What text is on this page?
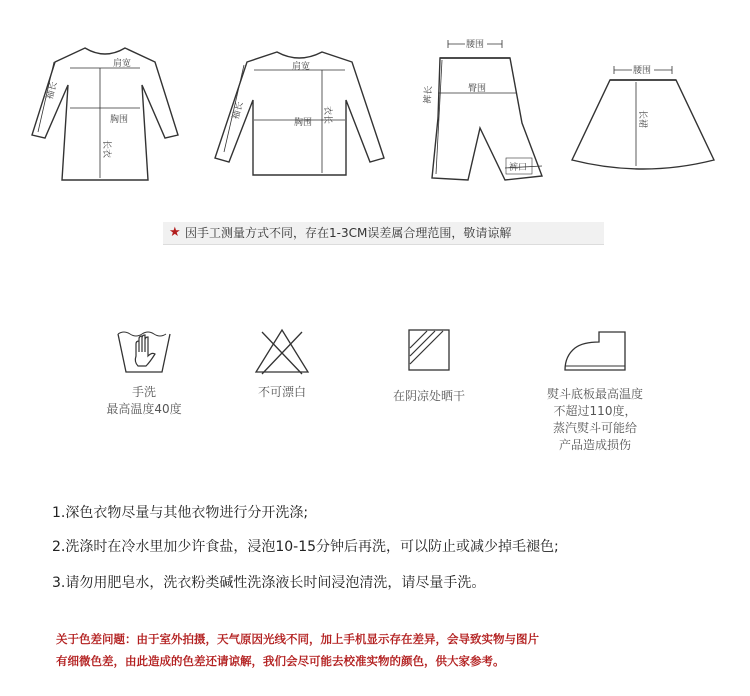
肩宽
胸围
长衣
袖长
肩宽
胸围 衣长
袖长
腰围
臀围
裤长
裤口
腰围
长裙
★ 因手工测量方式不同，存在1-3CM误差属合理范围，敬请谅解
手洗
最高温度40度
不可漂白	在阴凉处晒干	熨斗底板最高温度
不超过110度，
蒸汽熨斗可能给
产品造成损伤
1.深色衣物尽量与其他衣物进行分开洗涤;
2.洗涤时在冷水里加少许食盐，浸泡10-15分钟后再洗，可以防止或减少掉毛褪色;
3.请勿用肥皂水，洗衣粉类碱性洗涤液长时间浸泡清洗，请尽量手洗。
关于色差问题：由于室外拍摄，天气原因光线不同，加上手机显示存在差异，会导致实物与图片
有细微色差，由此造成的色差还请谅解，我们会尽可能去校准实物的颜色，供大家参考。
